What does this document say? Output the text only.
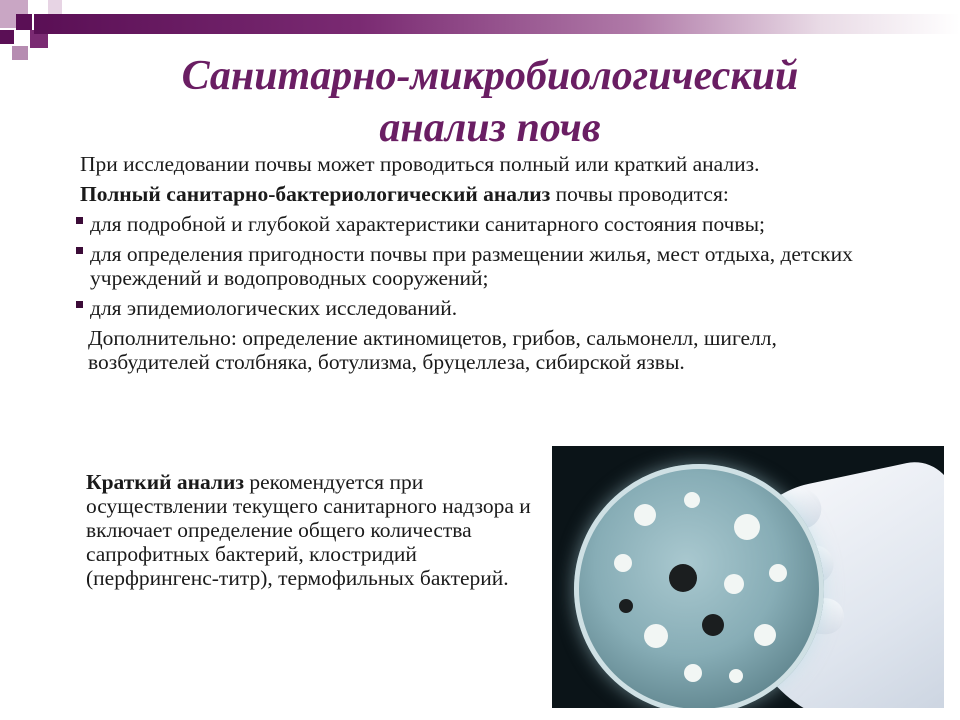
Санитарно-микробиологический
анализ почв

При исследовании почвы может проводиться полный или краткий анализ.

Полный санитарно-бактериологический анализ почвы проводится:

для подробной и глубокой характеристики санитарного состояния почвы;
для определения пригодности почвы при размещении жилья, мест отдыха, детских учреждений и водопроводных сооружений;
для эпидемиологических исследований.

Дополнительно: определение актиномицетов, грибов, сальмонелл, шигелл, возбудителей столбняка, ботулизма, бруцеллеза, сибирской язвы.

Краткий анализ рекомендуется при осуществлении текущего санитарного надзора и включает определение общего количества сапрофитных бактерий, клостридий (перфрингенс-титр), термофильных бактерий.
